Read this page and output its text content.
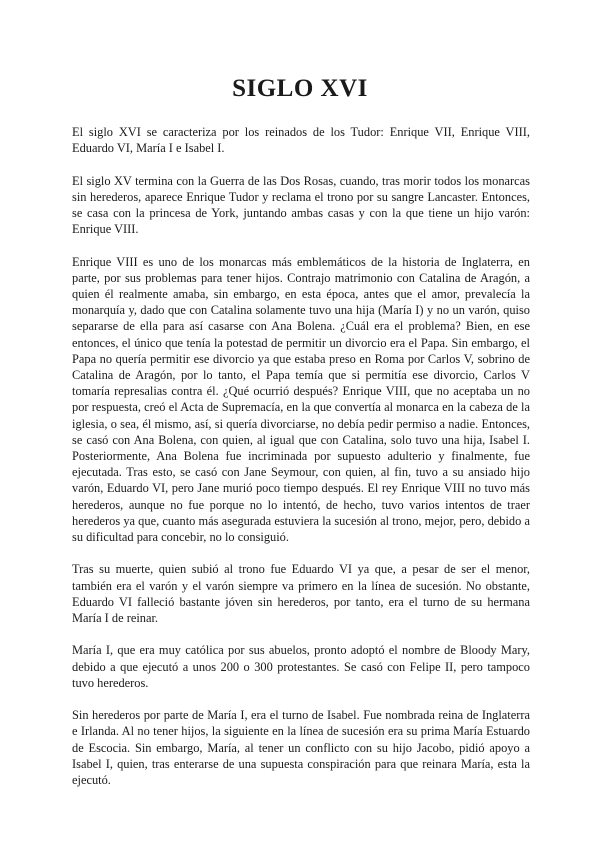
SIGLO XVI

El siglo XVI se caracteriza por los reinados de los Tudor: Enrique VII, Enrique VIII, Eduardo VI, María I e Isabel I.

El siglo XV termina con la Guerra de las Dos Rosas, cuando, tras morir todos los monarcas sin herederos, aparece Enrique Tudor y reclama el trono por su sangre Lancaster. Entonces, se casa con la princesa de York, juntando ambas casas y con la que tiene un hijo varón: Enrique VIII.

Enrique VIII es uno de los monarcas más emblemáticos de la historia de Inglaterra, en parte, por sus problemas para tener hijos. Contrajo matrimonio con Catalina de Aragón, a quien él realmente amaba, sin embargo, en esta época, antes que el amor, prevalecía la monarquía y, dado que con Catalina solamente tuvo una hija (María I) y no un varón, quiso separarse de ella para así casarse con Ana Bolena. ¿Cuál era el problema? Bien, en ese entonces, el único que tenía la potestad de permitir un divorcio era el Papa. Sin embargo, el Papa no quería permitir ese divorcio ya que estaba preso en Roma por Carlos V, sobrino de Catalina de Aragón, por lo tanto, el Papa temía que si permitía ese divorcio, Carlos V tomaría represalias contra él. ¿Qué ocurrió después? Enrique VIII, que no aceptaba un no por respuesta, creó el Acta de Supremacía, en la que convertía al monarca en la cabeza de la iglesia, o sea, él mismo, así, si quería divorciarse, no debía pedir permiso a nadie. Entonces, se casó con Ana Bolena, con quien, al igual que con Catalina, solo tuvo una hija, Isabel I. Posteriormente, Ana Bolena fue incriminada por supuesto adulterio y finalmente, fue ejecutada. Tras esto, se casó con Jane Seymour, con quien, al fin, tuvo a su ansiado hijo varón, Eduardo VI, pero Jane murió poco tiempo después. El rey Enrique VIII no tuvo más herederos, aunque no fue porque no lo intentó, de hecho, tuvo varios intentos de traer herederos ya que, cuanto más asegurada estuviera la sucesión al trono, mejor, pero, debido a su dificultad para concebir, no lo consiguió.

Tras su muerte, quien subió al trono fue Eduardo VI ya que, a pesar de ser el menor, también era el varón y el varón siempre va primero en la línea de sucesión. No obstante, Eduardo VI falleció bastante jóven sin herederos, por tanto, era el turno de su hermana María I de reinar.

María I, que era muy católica por sus abuelos, pronto adoptó el nombre de Bloody Mary, debido a que ejecutó a unos 200 o 300 protestantes. Se casó con Felipe II, pero tampoco tuvo herederos.

Sin herederos por parte de María I, era el turno de Isabel. Fue nombrada reina de Inglaterra e Irlanda. Al no tener hijos, la siguiente en la línea de sucesión era su prima María Estuardo de Escocia. Sin embargo, María, al tener un conflicto con su hijo Jacobo, pidió apoyo a Isabel I, quien, tras enterarse de una supuesta conspiración para que reinara María, esta la ejecutó.
